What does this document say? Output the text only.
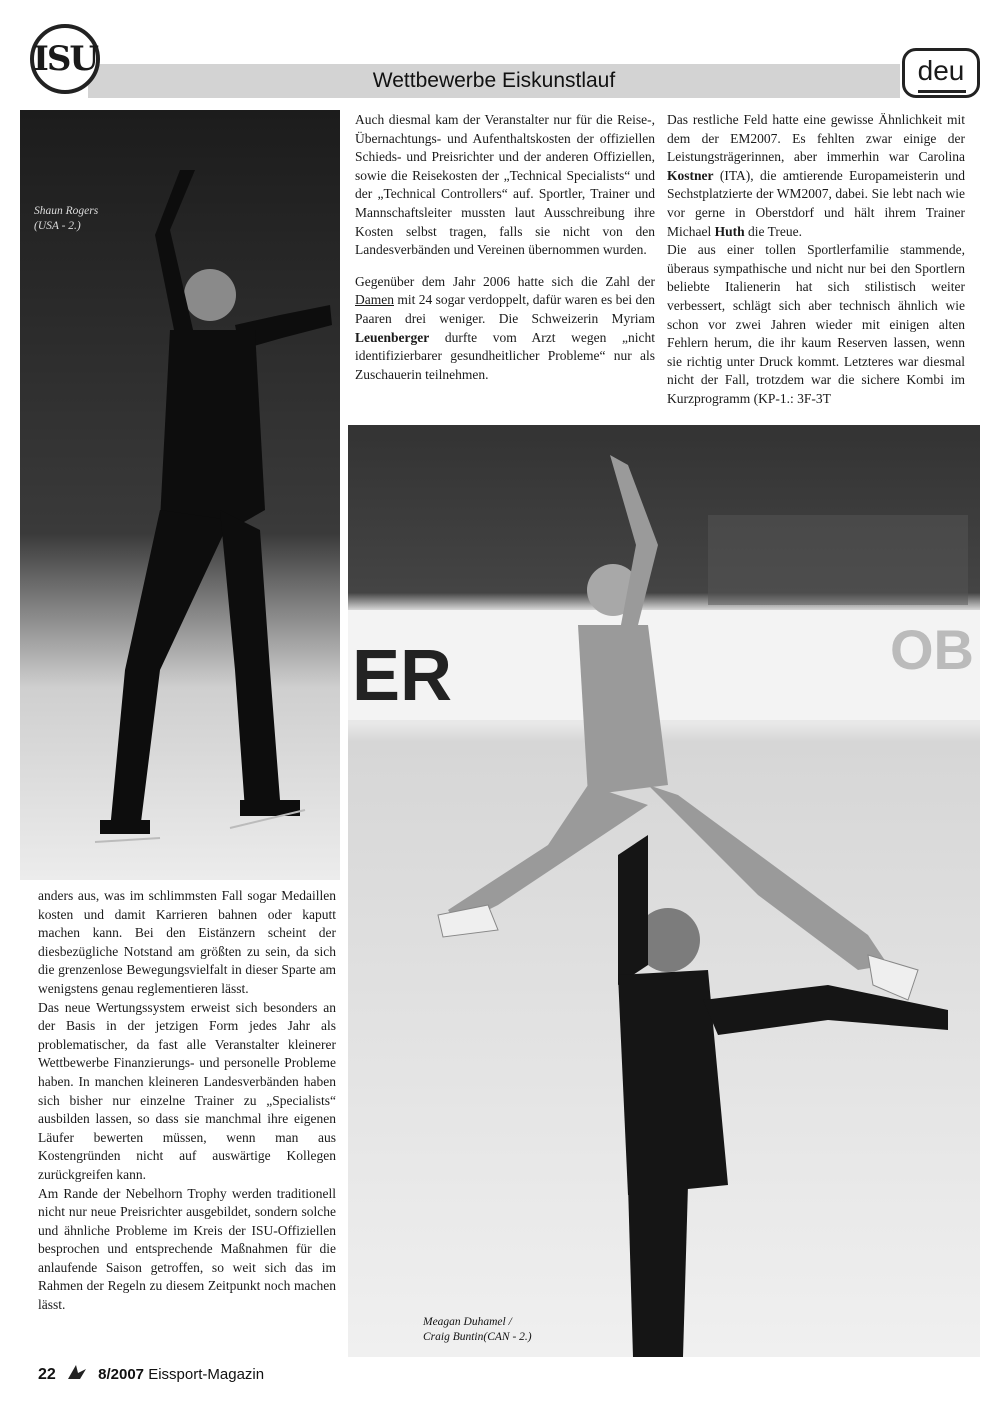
Wettbewerbe Eiskunstlauf
ISU	deu
Shaun Rogers
(USA - 2.)

Auch diesmal kam der Veranstalter nur für die Reise-, Übernachtungs- und Aufenthaltskosten der offiziellen Schieds- und Preisrichter und der anderen Offiziellen, sowie die Reisekosten der „Technical Specialists“ und der „Technical Controllers“ auf. Sportler, Trainer und Mannschaftsleiter mussten laut Ausschreibung ihre Kosten selbst tragen, falls sie nicht von den Landesverbänden und Vereinen übernommen wurden.

Gegenüber dem Jahr 2006 hatte sich die Zahl der Damen mit 24 sogar verdoppelt, dafür waren es bei den Paaren drei weniger. Die Schweizerin Myriam Leuenberger durfte vom Arzt wegen „nicht identifizierbarer gesundheitlicher Probleme“ nur als Zuschauerin teilnehmen.

Das restliche Feld hatte eine gewisse Ähnlichkeit mit dem der EM2007. Es fehlten zwar einige der Leistungsträgerinnen, aber immerhin war Carolina Kostner (ITA), die amtierende Europameisterin und Sechstplatzierte der WM2007, dabei. Sie lebt nach wie vor gerne in Oberstdorf und hält ihrem Trainer Michael Huth die Treue.

Die aus einer tollen Sportlerfamilie stammende, überaus sympathische und nicht nur bei den Sportlern beliebte Italienerin hat sich stilistisch weiter verbessert, schlägt sich aber technisch ähnlich wie schon vor zwei Jahren wieder mit einigen alten Fehlern herum, die ihr kaum Reserven lassen, wenn sie richtig unter Druck kommt. Letzteres war diesmal nicht der Fall, trotzdem war die sichere Kombi im Kurzprogramm (KP-1.: 3F-3T

ER	OB
Meagan Duhamel /
Craig Buntin(CAN - 2.)

anders aus, was im schlimmsten Fall sogar Medaillen kosten und damit Karrieren bahnen oder kaputt machen kann. Bei den Eistänzern scheint der diesbezügliche Notstand am größten zu sein, da sich die grenzenlose Bewegungsvielfalt in dieser Sparte am wenigstens genau reglementieren lässt.

Das neue Wertungssystem erweist sich besonders an der Basis in der jetzigen Form jedes Jahr als problematischer, da fast alle Veranstalter kleinerer Wettbewerbe Finanzierungs- und personelle Probleme haben. In manchen kleineren Landesverbänden haben sich bisher nur einzelne Trainer zu „Specialists“ ausbilden lassen, so dass sie manchmal ihre eigenen Läufer bewerten müssen, wenn man aus Kostengründen nicht auf auswärtige Kollegen zurückgreifen kann.

Am Rande der Nebelhorn Trophy werden traditionell nicht nur neue Preisrichter ausgebildet, sondern solche und ähnliche Probleme im Kreis der ISU-Offiziellen besprochen und entsprechende Maßnahmen für die anlaufende Saison getroffen, so weit sich das im Rahmen der Regeln zu diesem Zeitpunkt noch machen lässt.

22	8/2007 Eissport-Magazin
